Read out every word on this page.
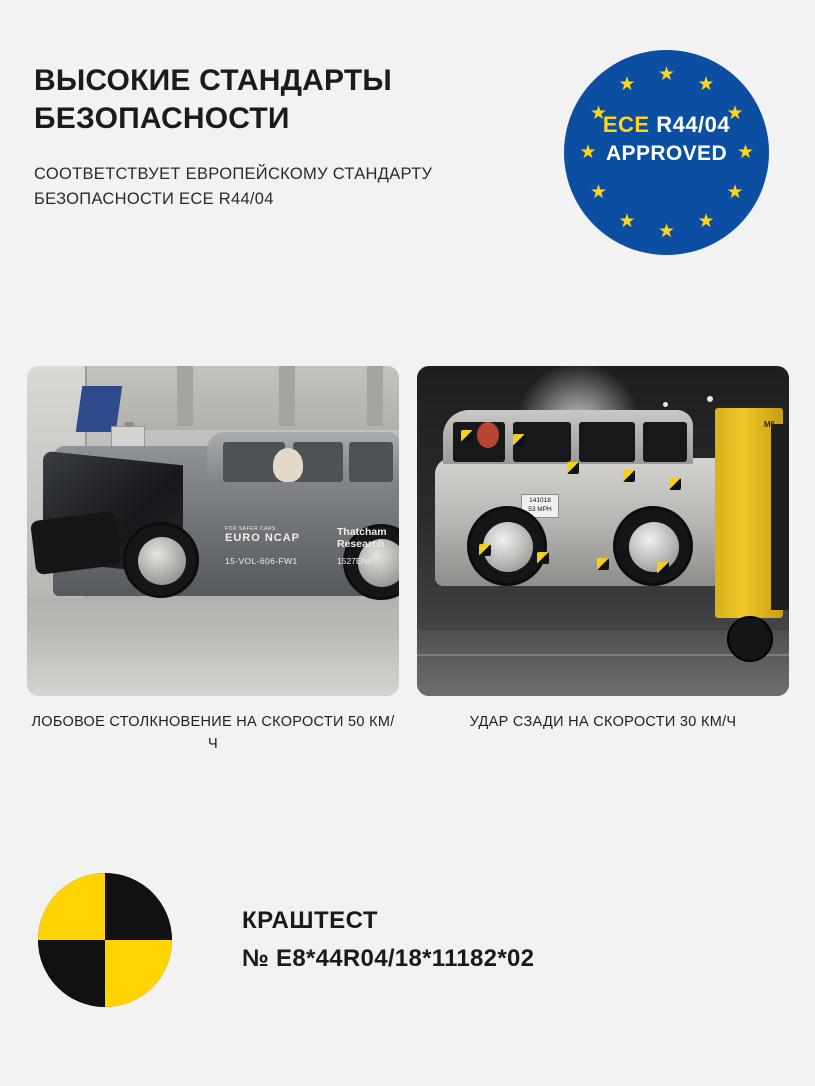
ВЫСОКИЕ СТАНДАРТЫ БЕЗОПАСНОСТИ
СООТВЕТСТВУЕТ ЕВРОПЕЙСКОМУ СТАНДАРТУ БЕЗОПАСНОСТИ ECE R44/04
★ ★
★
★
★
★
★
★
★
★
★
★
ECE R44/04
APPROVED
FOR SAFER CARS
EURO NCAP
15-VOL-606-FW1
Thatcham Research
1527ENF
141018
53 MPH
M6
ЛОБОВОЕ СТОЛКНОВЕНИЕ НА СКОРОСТИ 50 КМ/Ч
УДАР СЗАДИ НА СКОРОСТИ 30 КМ/Ч
КРАШТЕСТ
№ E8*44R04/18*11182*02
